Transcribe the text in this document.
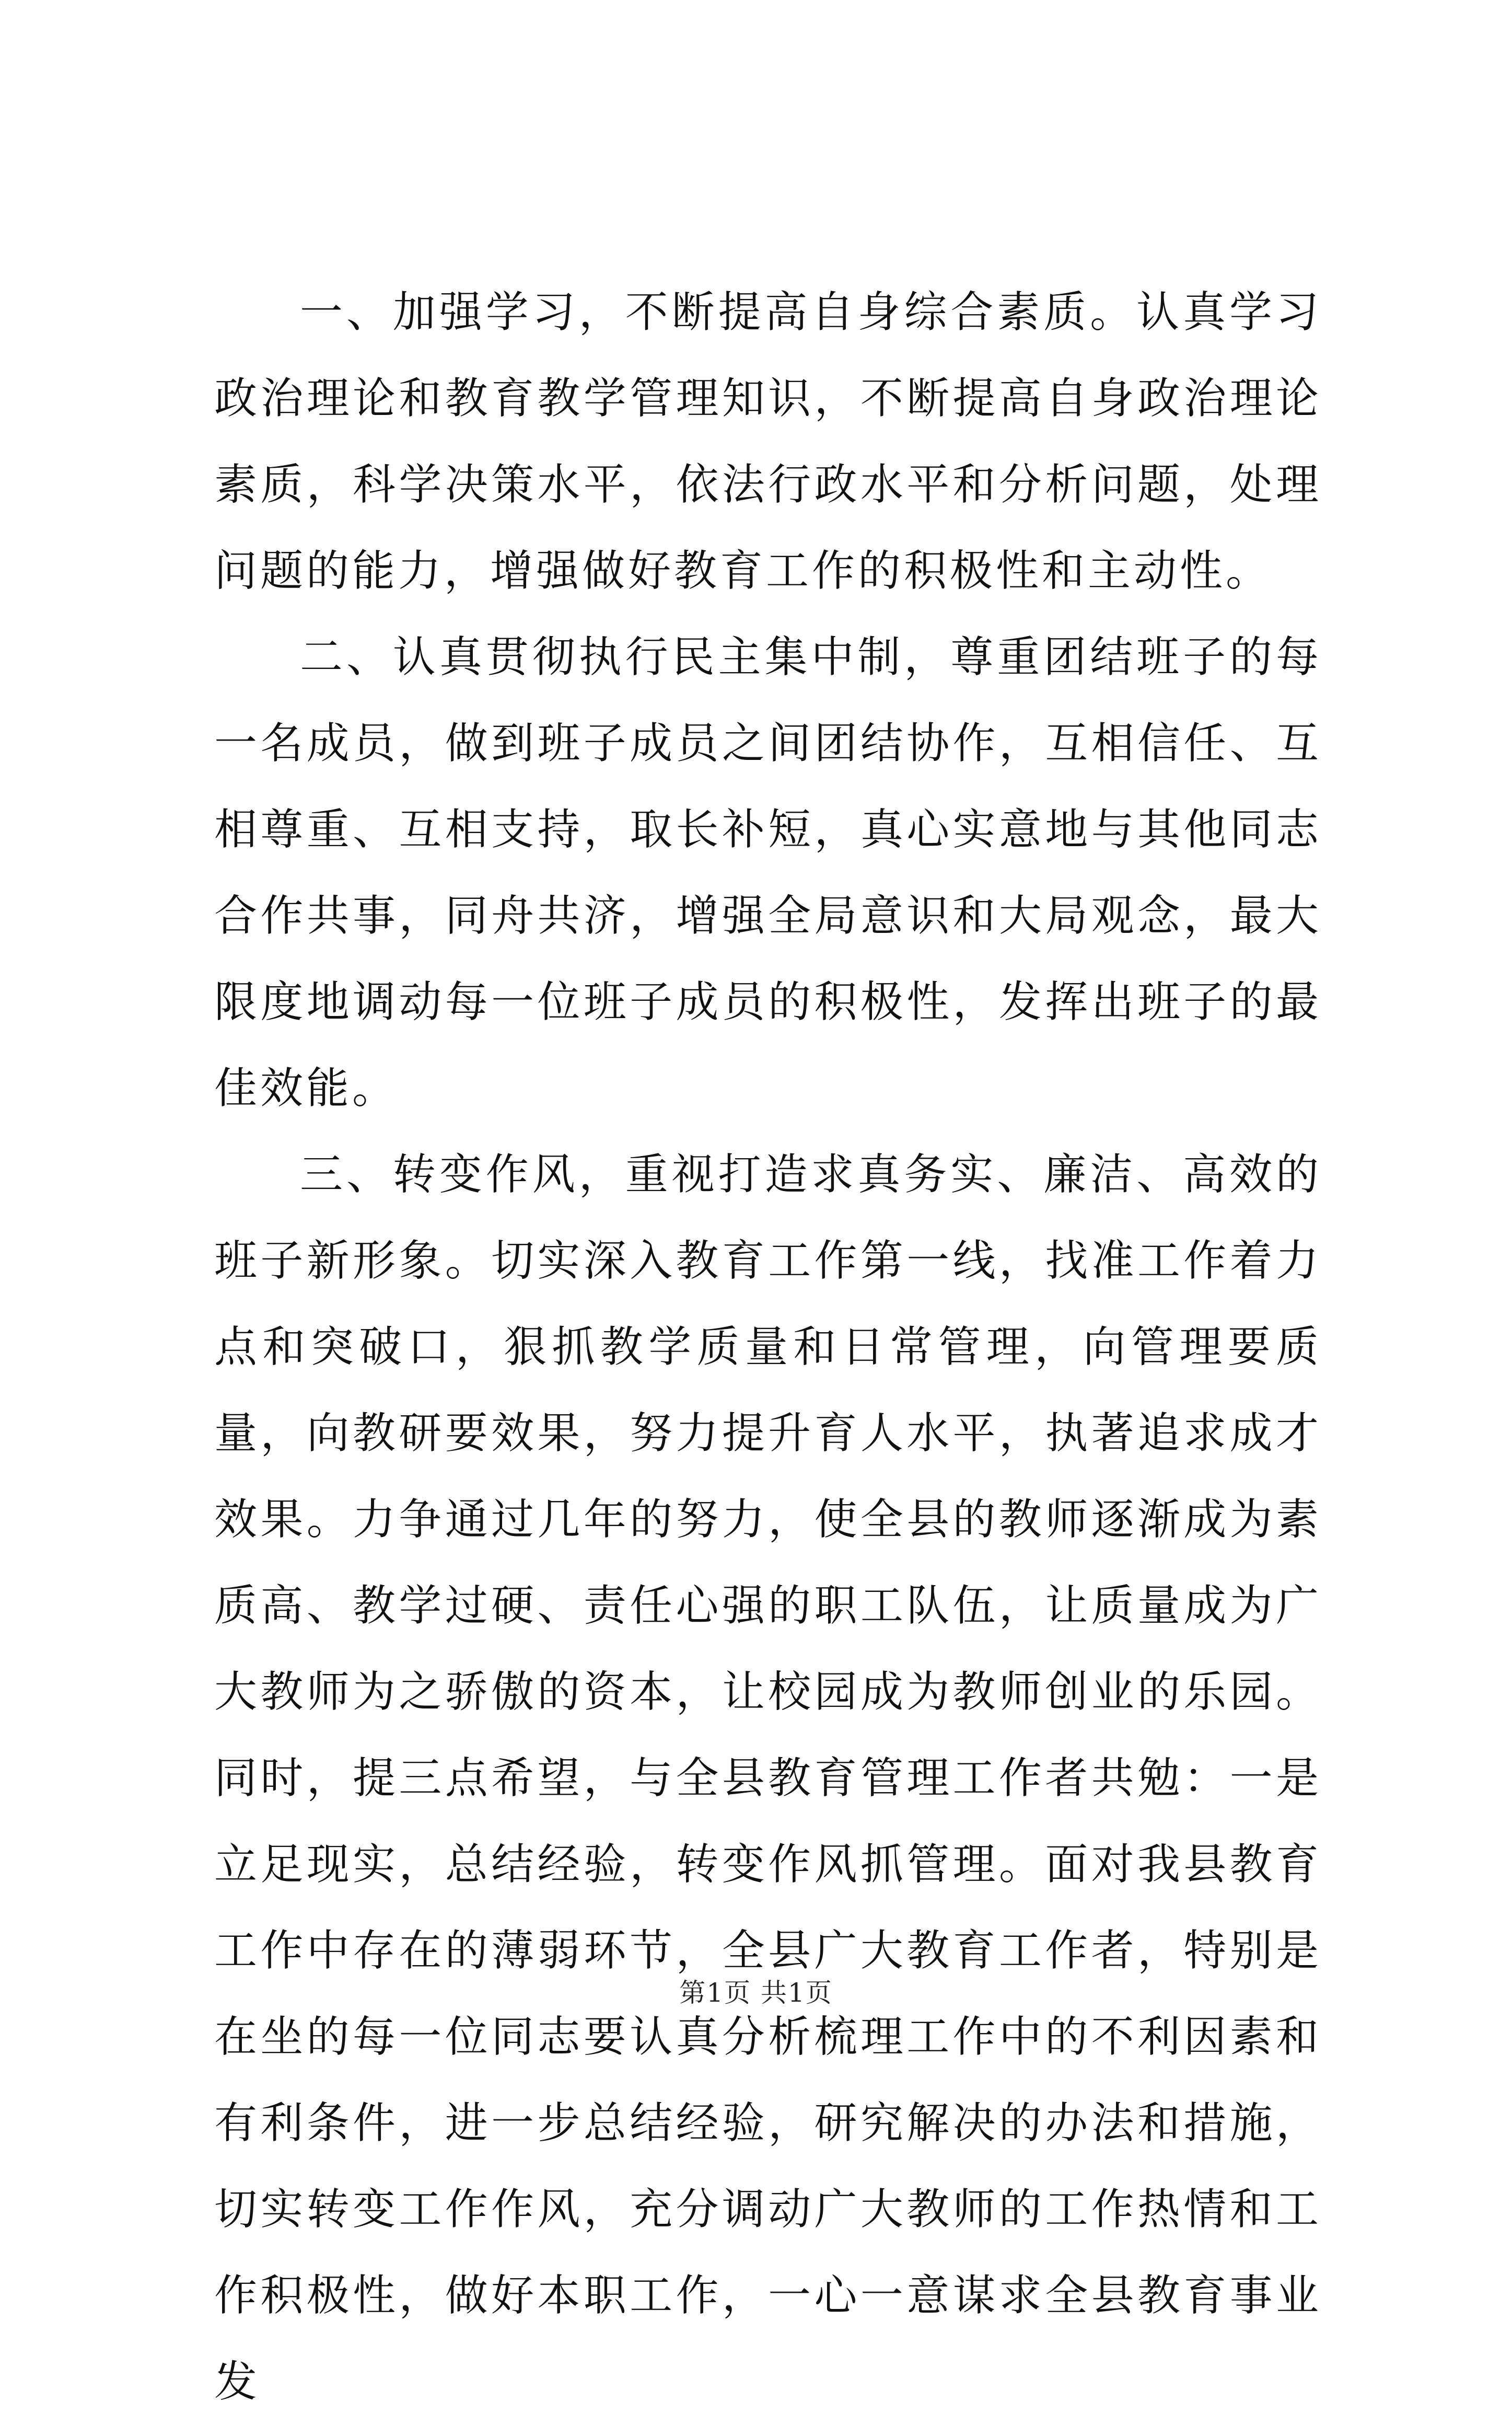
一、加强学习，不断提高自身综合素质。认真学习政治理论和教育教学管理知识，不断提高自身政治理论素质，科学决策水平，依法行政水平和分析问题，处理问题的能力，增强做好教育工作的积极性和主动性。

二、认真贯彻执行民主集中制，尊重团结班子的每一名成员，做到班子成员之间团结协作，互相信任、互相尊重、互相支持，取长补短，真心实意地与其他同志合作共事，同舟共济，增强全局意识和大局观念，最大限度地调动每一位班子成员的积极性，发挥出班子的最佳效能。

三、转变作风，重视打造求真务实、廉洁、高效的班子新形象。切实深入教育工作第一线，找准工作着力点和突破口，狠抓教学质量和日常管理，向管理要质量，向教研要效果，努力提升育人水平，执著追求成才效果。力争通过几年的努力，使全县的教师逐渐成为素质高、教学过硬、责任心强的职工队伍，让质量成为广大教师为之骄傲的资本，让校园成为教师创业的乐园。同时，提三点希望，与全县教育管理工作者共勉：一是立足现实，总结经验，转变作风抓管理。面对我县教育工作中存在的薄弱环节，全县广大教育工作者，特别是在坐的每一位同志要认真分析梳理工作中的不利因素和有利条件，进一步总结经验，研究解决的办法和措施，切实转变工作作风，充分调动广大教师的工作热情和工作积极性，做好本职工作，一心一意谋求全县教育事业发

第1页 共1页
